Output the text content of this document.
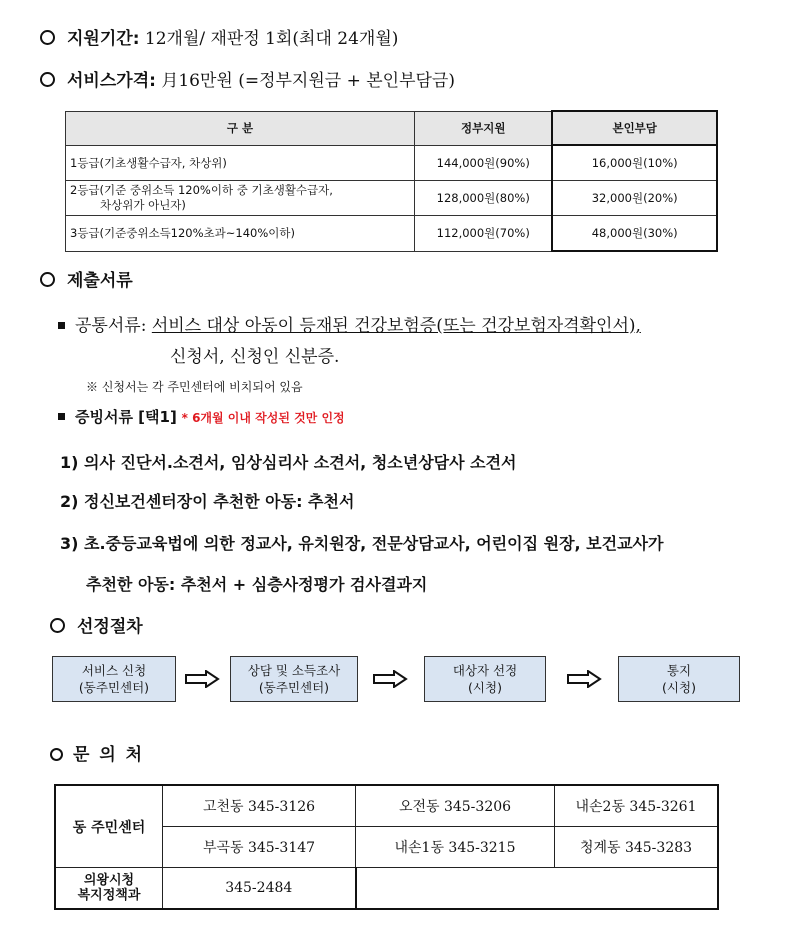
지원기간: 12개월/ 재판정 1회(최대 24개월)
서비스가격: 月16만원 (=정부지원금 + 본인부담금)
구 분	정부지원	본인부담
1등급(기초생활수급자, 차상위)	144,000원(90%)	16,000원(10%)

2등급(기준 중위소득 120%이하 중 기초생활수급자,
차상위가 아닌자)	128,000원(80%)	32,000원(20%)
3등급(기준중위소득120%초과~140%이하)	112,000원(70%)	48,000원(30%)
제출서류
공통서류: 서비스 대상 아동이 등재된 건강보험증(또는 건강보험자격확인서),
신청서, 신청인 신분증.
※ 신청서는 각 주민센터에 비치되어 있음
증빙서류 [택1] * 6개월 이내 작성된 것만 인정
1) 의사 진단서.소견서, 임상심리사 소견서, 청소년상담사 소견서
2) 정신보건센터장이 추천한 아동: 추천서
3) 초.중등교육법에 의한 정교사, 유치원장, 전문상담교사, 어린이집 원장, 보건교사가
추천한 아동: 추천서 + 심층사정평가 검사결과지
선정절차
서비스 신청
(동주민센터)
상담 및 소득조사
(동주민센터)
대상자 선정
(시청)
통지
(시청)
문 의 처
동 주민센터	고천동 345-3126	오전동 345-3206	내손2동 345-3261
	부곡동 345-3147	내손1동 345-3215	청계동 345-3283

의왕시청
복지정책과	345-2484		
